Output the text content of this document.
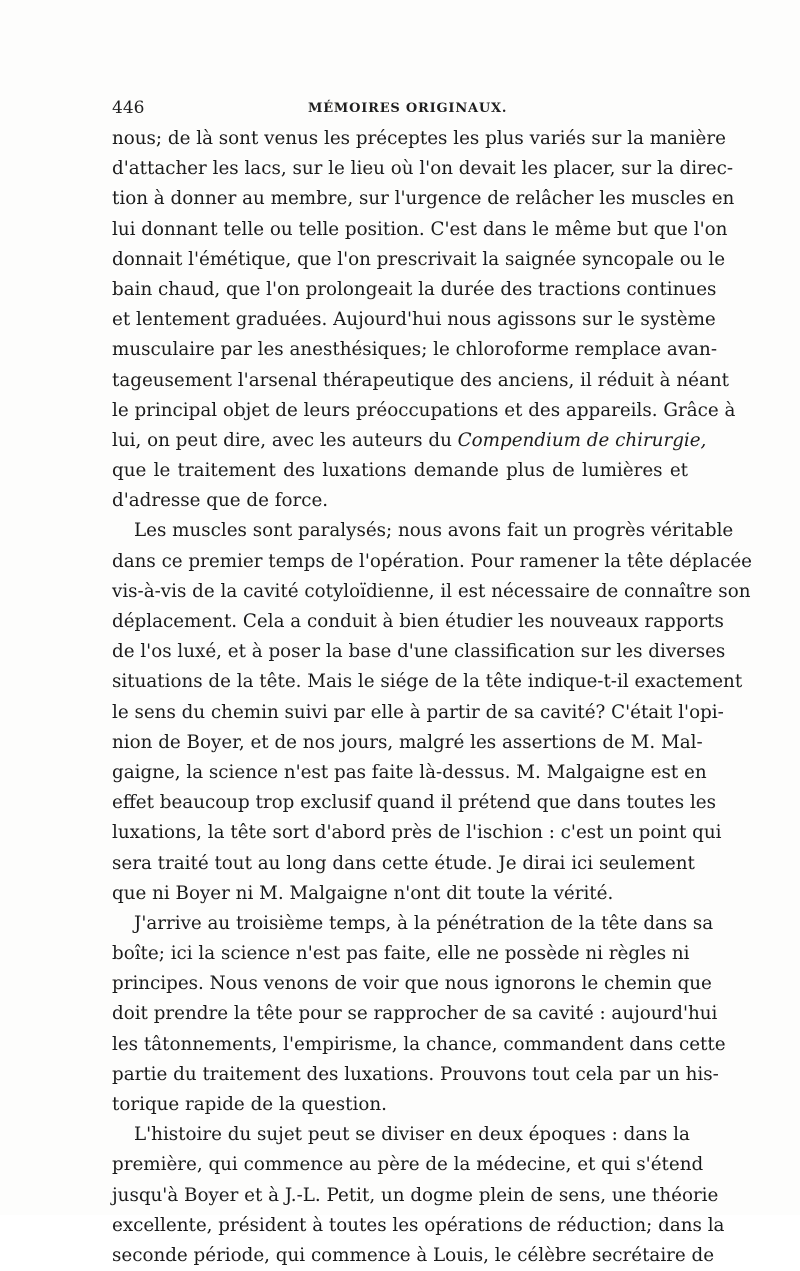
446	MÉMOIRES ORIGINAUX.
nous; de là sont venus les préceptes les plus variés sur la manière
d'attacher les lacs, sur le lieu où l'on devait les placer, sur la direc-
tion à donner au membre, sur l'urgence de relâcher les muscles en
lui donnant telle ou telle position. C'est dans le même but que l'on
donnait l'émétique, que l'on prescrivait la saignée syncopale ou le
bain chaud, que l'on prolongeait la durée des tractions continues
et lentement graduées. Aujourd'hui nous agissons sur le système
musculaire par les anesthésiques; le chloroforme remplace avan-
tageusement l'arsenal thérapeutique des anciens, il réduit à néant
le principal objet de leurs préoccupations et des appareils. Grâce à
lui, on peut dire, avec les auteurs du Compendium de chirurgie,
que le traitement des luxations demande plus de lumières et
d'adresse que de force.
Les muscles sont paralysés; nous avons fait un progrès véritable
dans ce premier temps de l'opération. Pour ramener la tête déplacée
vis-à-vis de la cavité cotyloïdienne, il est nécessaire de connaître son
déplacement. Cela a conduit à bien étudier les nouveaux rapports
de l'os luxé, et à poser la base d'une classification sur les diverses
situations de la tête. Mais le siége de la tête indique-t-il exactement
le sens du chemin suivi par elle à partir de sa cavité? C'était l'opi-
nion de Boyer, et de nos jours, malgré les assertions de M. Mal-
gaigne, la science n'est pas faite là-dessus. M. Malgaigne est en
effet beaucoup trop exclusif quand il prétend que dans toutes les
luxations, la tête sort d'abord près de l'ischion : c'est un point qui
sera traité tout au long dans cette étude. Je dirai ici seulement
que ni Boyer ni M. Malgaigne n'ont dit toute la vérité.
J'arrive au troisième temps, à la pénétration de la tête dans sa
boîte; ici la science n'est pas faite, elle ne possède ni règles ni
principes. Nous venons de voir que nous ignorons le chemin que
doit prendre la tête pour se rapprocher de sa cavité : aujourd'hui
les tâtonnements, l'empirisme, la chance, commandent dans cette
partie du traitement des luxations. Prouvons tout cela par un his-
torique rapide de la question.
L'histoire du sujet peut se diviser en deux époques : dans la
première, qui commence au père de la médecine, et qui s'étend
jusqu'à Boyer et à J.-L. Petit, un dogme plein de sens, une théorie
excellente, président à toutes les opérations de réduction; dans la
seconde période, qui commence à Louis, le célèbre secrétaire de
